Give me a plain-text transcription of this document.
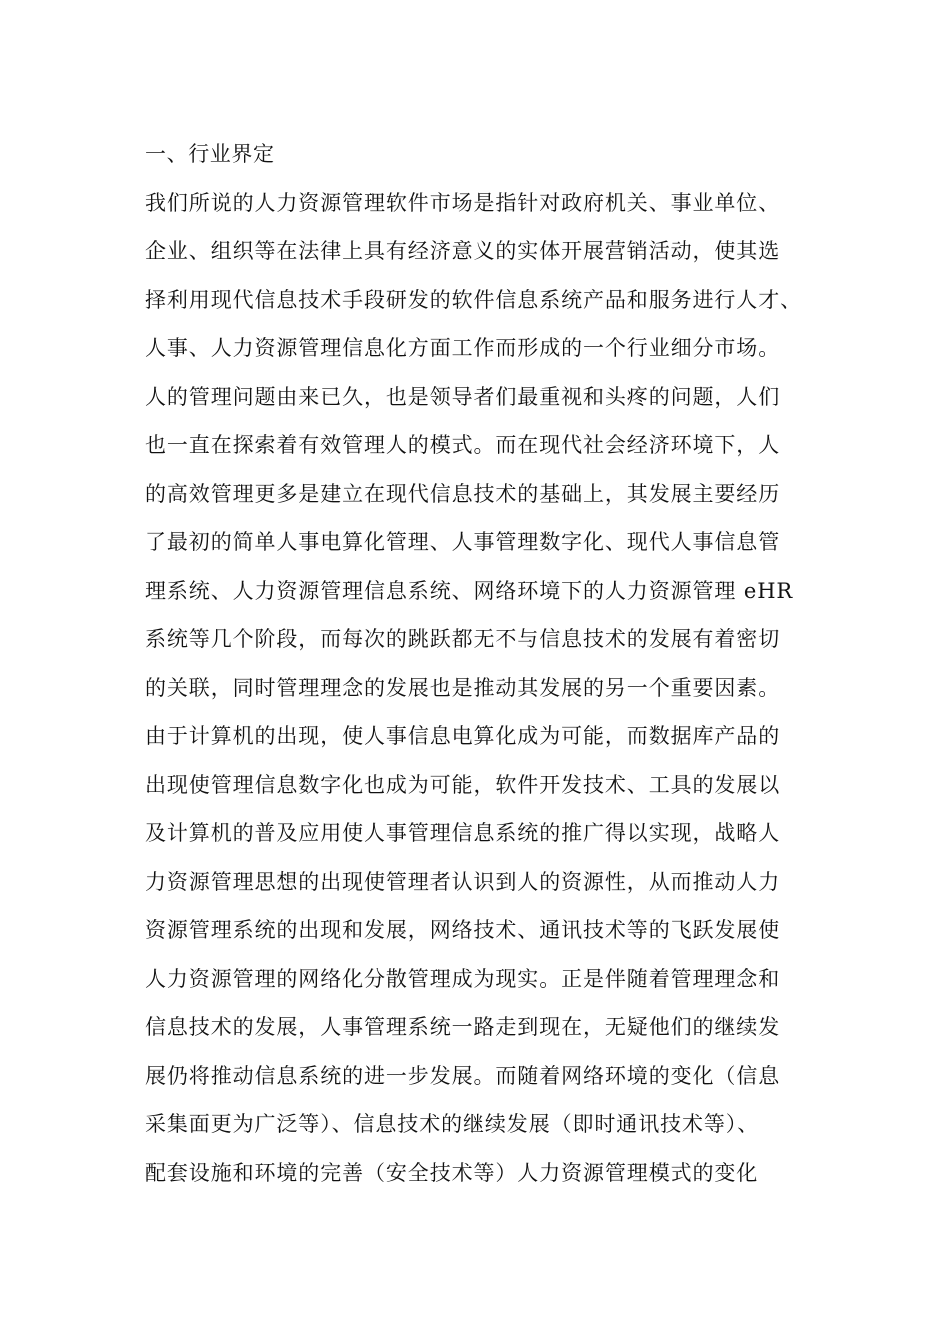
一、行业界定
我们所说的人力资源管理软件市场是指针对政府机关、事业单位、
企业、组织等在法律上具有经济意义的实体开展营销活动，使其选
择利用现代信息技术手段研发的软件信息系统产品和服务进行人才、
人事、人力资源管理信息化方面工作而形成的一个行业细分市场。
人的管理问题由来已久，也是领导者们最重视和头疼的问题，人们
也一直在探索着有效管理人的模式。而在现代社会经济环境下，人
的高效管理更多是建立在现代信息技术的基础上，其发展主要经历
了最初的简单人事电算化管理、人事管理数字化、现代人事信息管
理系统、人力资源管理信息系统、网络环境下的人力资源管理 eHR
系统等几个阶段，而每次的跳跃都无不与信息技术的发展有着密切
的关联，同时管理理念的发展也是推动其发展的另一个重要因素。
由于计算机的出现，使人事信息电算化成为可能，而数据库产品的
出现使管理信息数字化也成为可能，软件开发技术、工具的发展以
及计算机的普及应用使人事管理信息系统的推广得以实现，战略人
力资源管理思想的出现使管理者认识到人的资源性，从而推动人力
资源管理系统的出现和发展，网络技术、通讯技术等的飞跃发展使
人力资源管理的网络化分散管理成为现实。正是伴随着管理理念和
信息技术的发展，人事管理系统一路走到现在，无疑他们的继续发
展仍将推动信息系统的进一步发展。而随着网络环境的变化（信息
采集面更为广泛等）、信息技术的继续发展（即时通讯技术等）、
配套设施和环境的完善（安全技术等）人力资源管理模式的变化
